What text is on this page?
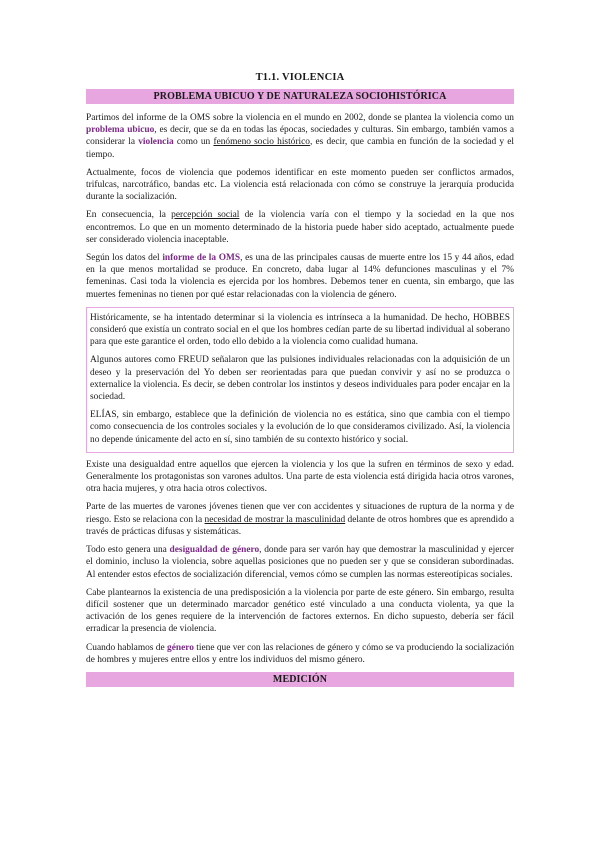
T1.1. VIOLENCIA
PROBLEMA UBICUO Y DE NATURALEZA SOCIOHISTÓRICA

Partimos del informe de la OMS sobre la violencia en el mundo en 2002, donde se plantea la violencia como un problema ubicuo, es decir, que se da en todas las épocas, sociedades y culturas. Sin embargo, también vamos a considerar la violencia como un fenómeno socio histórico, es decir, que cambia en función de la sociedad y el tiempo.

Actualmente, focos de violencia que podemos identificar en este momento pueden ser conflictos armados, trifulcas, narcotráfico, bandas etc. La violencia está relacionada con cómo se construye la jerarquía producida durante la socialización.

En consecuencia, la percepción social de la violencia varía con el tiempo y la sociedad en la que nos encontremos. Lo que en un momento determinado de la historia puede haber sido aceptado, actualmente puede ser considerado violencia inaceptable.

Según los datos del informe de la OMS, es una de las principales causas de muerte entre los 15 y 44 años, edad en la que menos mortalidad se produce. En concreto, daba lugar al 14% defunciones masculinas y el 7% femeninas. Casi toda la violencia es ejercida por los hombres. Debemos tener en cuenta, sin embargo, que las muertes femeninas no tienen por qué estar relacionadas con la violencia de género.

Históricamente, se ha intentado determinar si la violencia es intrínseca a la humanidad. De hecho, HOBBES consideró que existía un contrato social en el que los hombres cedían parte de su libertad individual al soberano para que este garantice el orden, todo ello debido a la violencia como cualidad humana.

Algunos autores como FREUD señalaron que las pulsiones individuales relacionadas con la adquisición de un deseo y la preservación del Yo deben ser reorientadas para que puedan convivir y así no se produzca o externalice la violencia. Es decir, se deben controlar los instintos y deseos individuales para poder encajar en la sociedad.

ELÍAS, sin embargo, establece que la definición de violencia no es estática, sino que cambia con el tiempo como consecuencia de los controles sociales y la evolución de lo que consideramos civilizado. Así, la violencia no depende únicamente del acto en sí, sino también de su contexto histórico y social.

Existe una desigualdad entre aquellos que ejercen la violencia y los que la sufren en términos de sexo y edad. Generalmente los protagonistas son varones adultos. Una parte de esta violencia está dirigida hacia otros varones, otra hacia mujeres, y otra hacia otros colectivos.

Parte de las muertes de varones jóvenes tienen que ver con accidentes y situaciones de ruptura de la norma y de riesgo. Esto se relaciona con la necesidad de mostrar la masculinidad delante de otros hombres que es aprendido a través de prácticas difusas y sistemáticas.

Todo esto genera una desigualdad de género, donde para ser varón hay que demostrar la masculinidad y ejercer el dominio, incluso la violencia, sobre aquellas posiciones que no pueden ser y que se consideran subordinadas. Al entender estos efectos de socialización diferencial, vemos cómo se cumplen las normas estereotípicas sociales.

Cabe plantearnos la existencia de una predisposición a la violencia por parte de este género. Sin embargo, resulta difícil sostener que un determinado marcador genético esté vinculado a una conducta violenta, ya que la activación de los genes requiere de la intervención de factores externos. En dicho supuesto, debería ser fácil erradicar la presencia de violencia.

Cuando hablamos de género tiene que ver con las relaciones de género y cómo se va produciendo la socialización de hombres y mujeres entre ellos y entre los individuos del mismo género.

MEDICIÓN
